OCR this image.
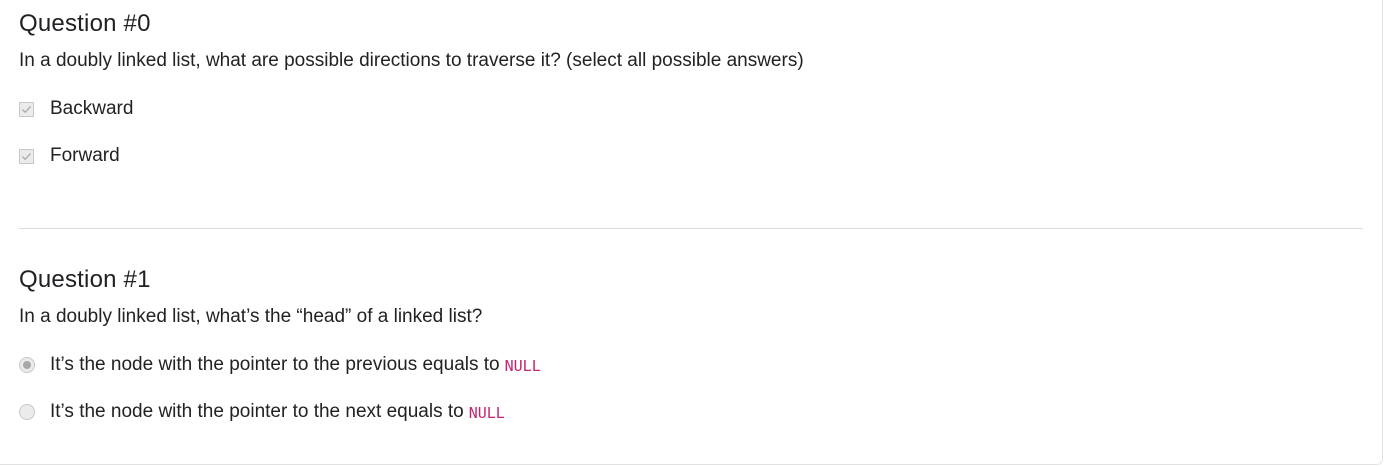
Question #0

In a doubly linked list, what are possible directions to traverse it? (select all possible answers)

Backward
Forward
Question #1

In a doubly linked list, what’s the “head” of a linked list?

It’s the node with the pointer to the previous equals to NULL
It’s the node with the pointer to the next equals to NULL
